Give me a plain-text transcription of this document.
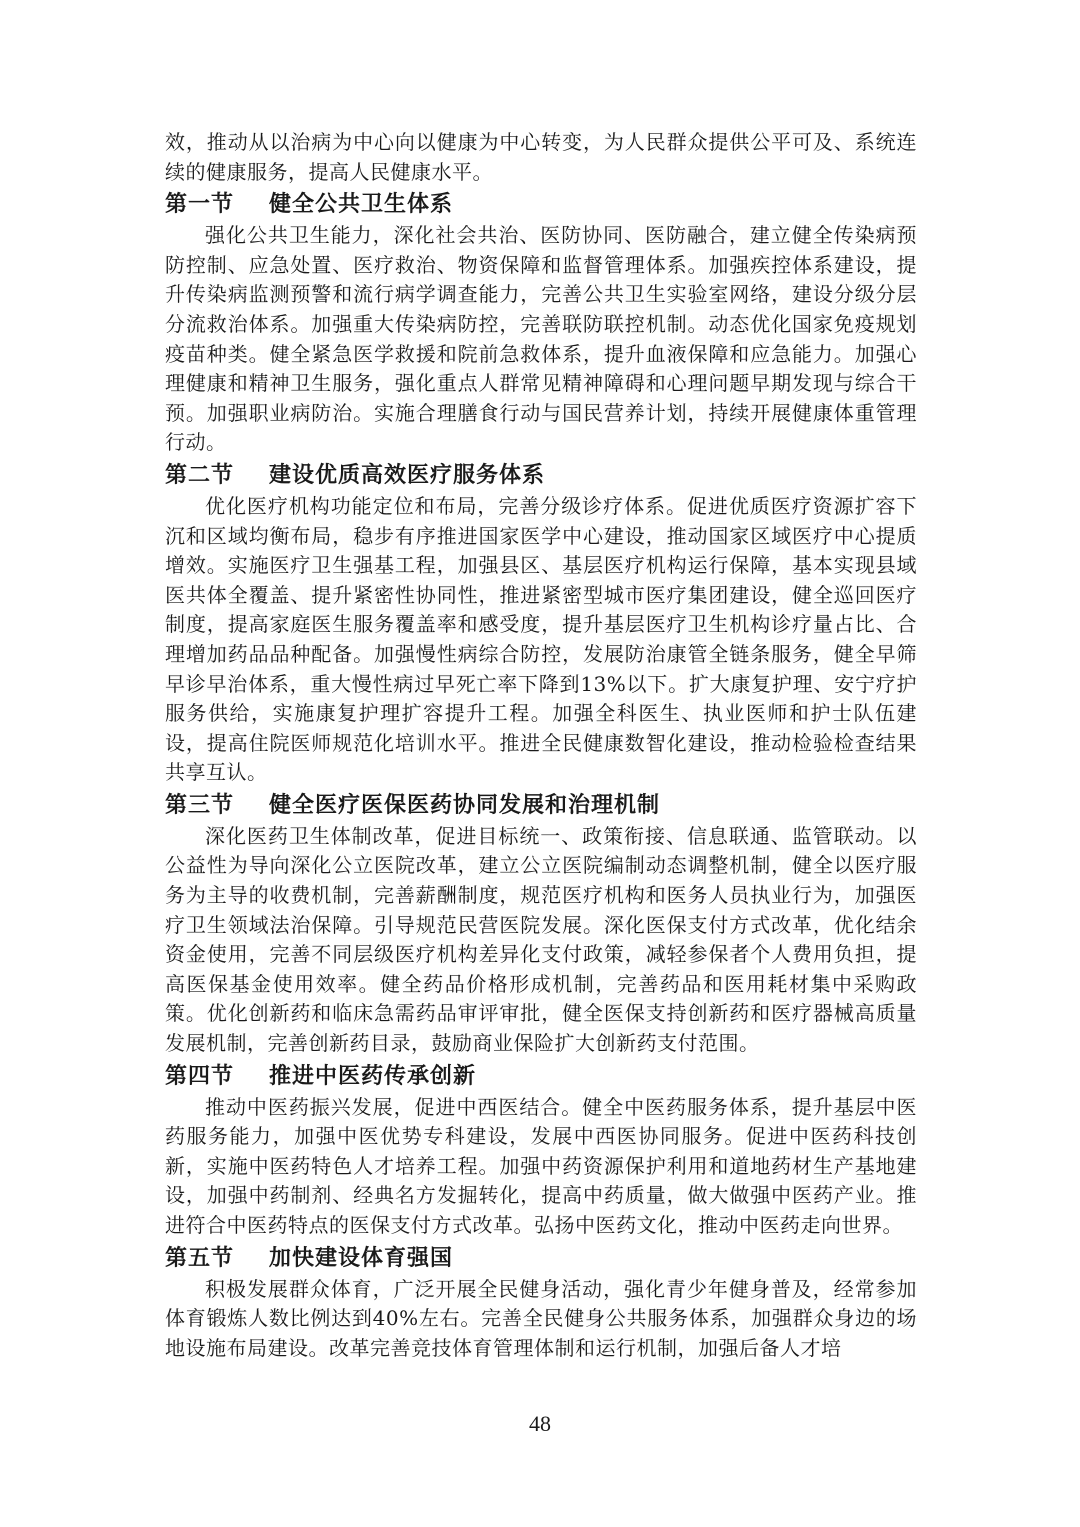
效，推动从以治病为中心向以健康为中心转变，为人民群众提供公平可及、系统连续的健康服务，提高人民健康水平。

第一节 健全公共卫生体系

强化公共卫生能力，深化社会共治、医防协同、医防融合，建立健全传染病预防控制、应急处置、医疗救治、物资保障和监督管理体系。加强疾控体系建设，提升传染病监测预警和流行病学调查能力，完善公共卫生实验室网络，建设分级分层分流救治体系。加强重大传染病防控，完善联防联控机制。动态优化国家免疫规划疫苗种类。健全紧急医学救援和院前急救体系，提升血液保障和应急能力。加强心理健康和精神卫生服务，强化重点人群常见精神障碍和心理问题早期发现与综合干预。加强职业病防治。实施合理膳食行动与国民营养计划，持续开展健康体重管理行动。

第二节 建设优质高效医疗服务体系

优化医疗机构功能定位和布局，完善分级诊疗体系。促进优质医疗资源扩容下沉和区域均衡布局，稳步有序推进国家医学中心建设，推动国家区域医疗中心提质增效。实施医疗卫生强基工程，加强县区、基层医疗机构运行保障，基本实现县域医共体全覆盖、提升紧密性协同性，推进紧密型城市医疗集团建设，健全巡回医疗制度，提高家庭医生服务覆盖率和感受度，提升基层医疗卫生机构诊疗量占比、合理增加药品品种配备。加强慢性病综合防控，发展防治康管全链条服务，健全早筛早诊早治体系，重大慢性病过早死亡率下降到13%以下。扩大康复护理、安宁疗护服务供给，实施康复护理扩容提升工程。加强全科医生、执业医师和护士队伍建设，提高住院医师规范化培训水平。推进全民健康数智化建设，推动检验检查结果共享互认。

第三节 健全医疗医保医药协同发展和治理机制

深化医药卫生体制改革，促进目标统一、政策衔接、信息联通、监管联动。以公益性为导向深化公立医院改革，建立公立医院编制动态调整机制，健全以医疗服务为主导的收费机制，完善薪酬制度，规范医疗机构和医务人员执业行为，加强医疗卫生领域法治保障。引导规范民营医院发展。深化医保支付方式改革，优化结余资金使用，完善不同层级医疗机构差异化支付政策，减轻参保者个人费用负担，提高医保基金使用效率。健全药品价格形成机制，完善药品和医用耗材集中采购政策。优化创新药和临床急需药品审评审批，健全医保支持创新药和医疗器械高质量发展机制，完善创新药目录，鼓励商业保险扩大创新药支付范围。

第四节 推进中医药传承创新

推动中医药振兴发展，促进中西医结合。健全中医药服务体系，提升基层中医药服务能力，加强中医优势专科建设，发展中西医协同服务。促进中医药科技创新，实施中医药特色人才培养工程。加强中药资源保护利用和道地药材生产基地建设，加强中药制剂、经典名方发掘转化，提高中药质量，做大做强中医药产业。推进符合中医药特点的医保支付方式改革。弘扬中医药文化，推动中医药走向世界。

第五节 加快建设体育强国

积极发展群众体育，广泛开展全民健身活动，强化青少年健身普及，经常参加体育锻炼人数比例达到40%左右。完善全民健身公共服务体系，加强群众身边的场地设施布局建设。改革完善竞技体育管理体制和运行机制，加强后备人才培

48
